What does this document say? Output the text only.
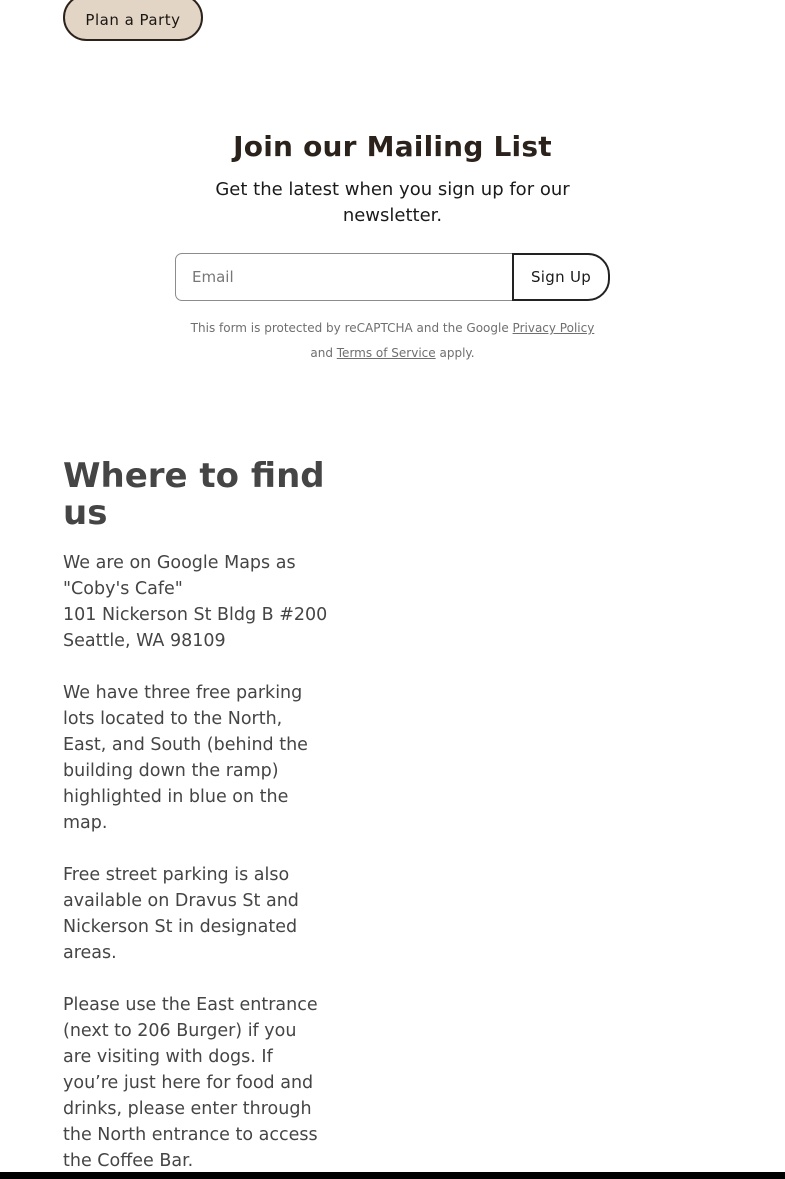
Plan a Party
Join our Mailing List
Get the latest when you sign up for our newsletter.
Email
Sign Up
This form is protected by reCAPTCHA and the Google Privacy Policy
and Terms of Service apply.
Where to find us

We are on Google Maps as "Coby's Cafe"

101 Nickerson St Bldg B #200

Seattle, WA 98109

We have three free parking lots located to the North, East, and South (behind the building down the ramp) highlighted in blue on the map.

Free street parking is also available on Dravus St and Nickerson St in designated areas.

Please use the East entrance (next to 206 Burger) if you are visiting with dogs. If you’re just here for food and drinks, please enter through the North entrance to access the Coffee Bar.
